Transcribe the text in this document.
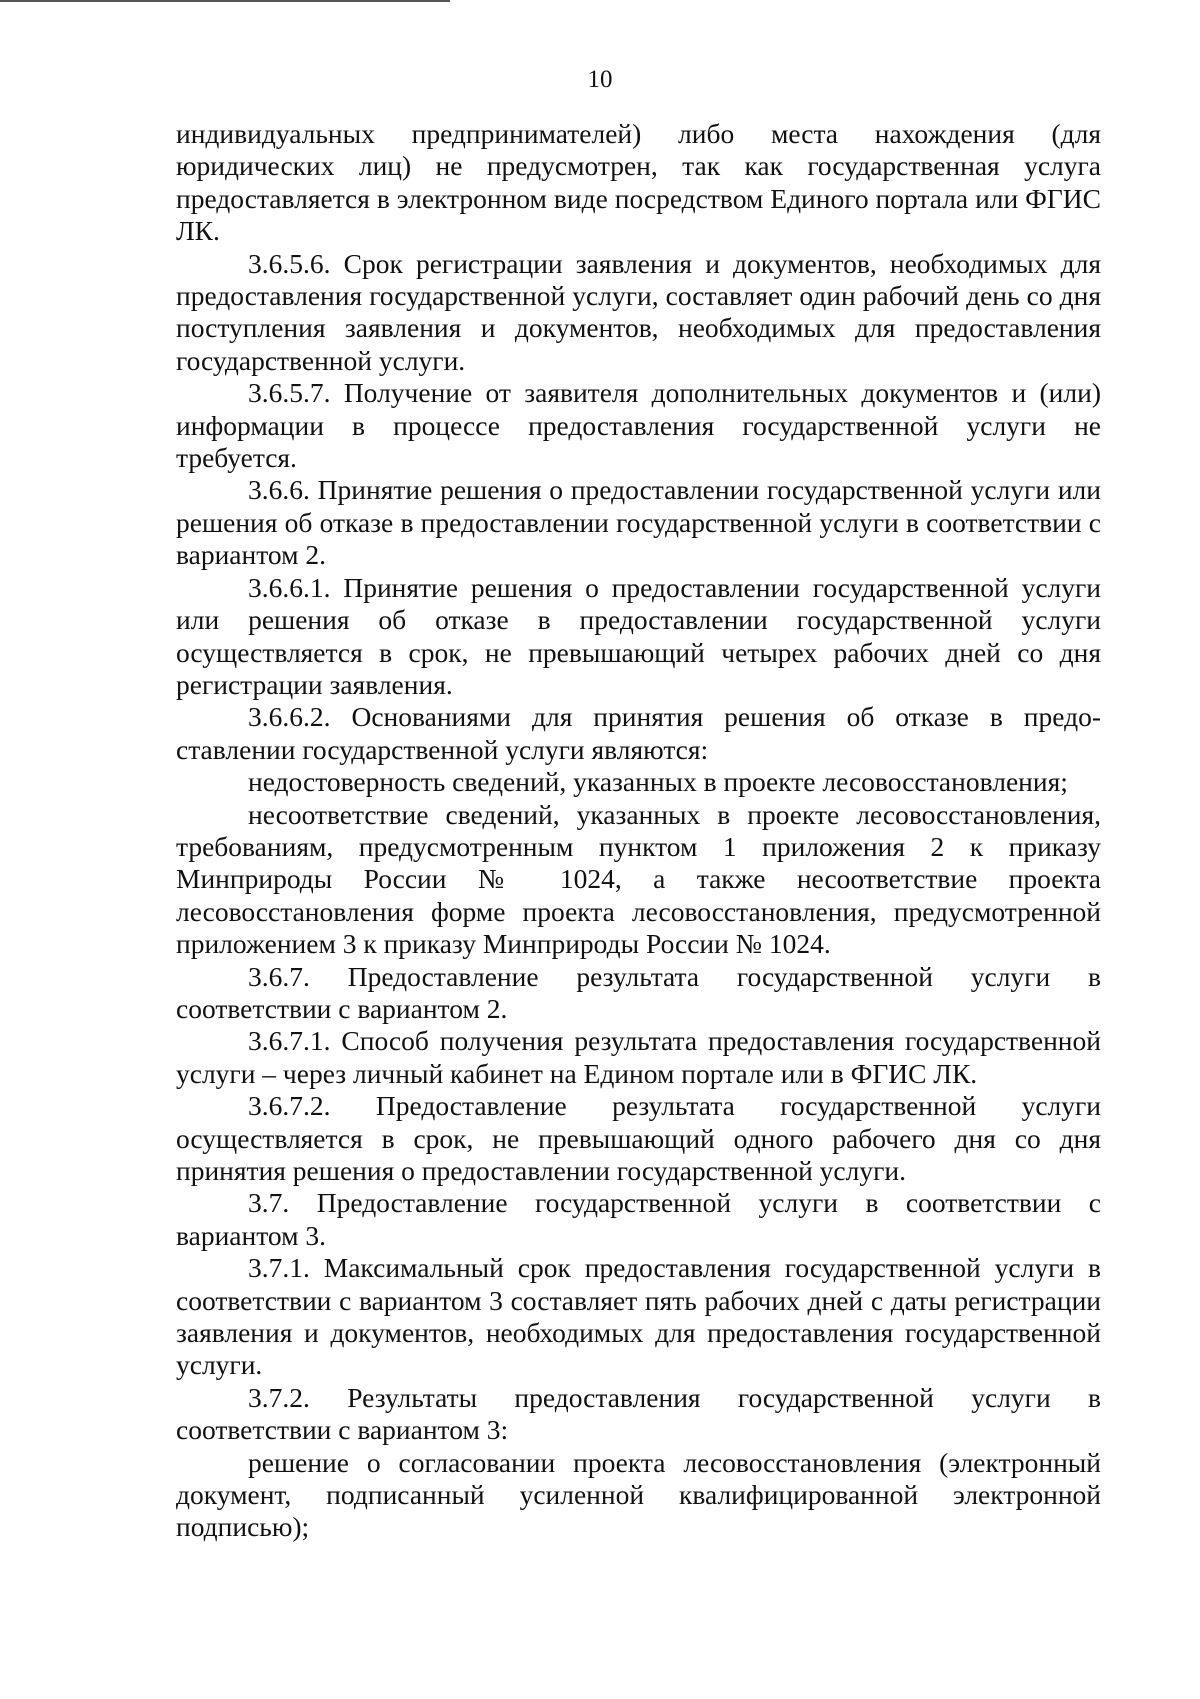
10

индивидуальных предпринимателей) либо места нахождения (для юридических лиц) не предусмотрен, так как государственная услуга предоставляется в электронном виде посредством Единого портала или ФГИС ЛК.

3.6.5.6. Срок регистрации заявления и документов, необходимых для предоставления государственной услуги, составляет один рабочий день со дня поступления заявления и документов, необходимых для предоставления государственной услуги.

3.6.5.7. Получение от заявителя дополнительных документов и (или) информации в процессе предоставления государственной услуги не требуется.

3.6.6. Принятие решения о предоставлении государственной услуги или решения об отказе в предоставлении государственной услуги в соответствии с вариантом 2.

3.6.6.1. Принятие решения о предоставлении государственной услуги или решения об отказе в предоставлении государственной услуги осуществляется в срок, не превышающий четырех рабочих дней со дня регистрации заявления.

3.6.6.2. Основаниями для принятия решения об отказе в предо-ставлении государственной услуги являются:

недостоверность сведений, указанных в проекте лесовосстановления;

несоответствие сведений, указанных в проекте лесовосстановления, требованиям, предусмотренным пунктом 1 приложения 2 к приказу Минприроды России № 1024, а также несоответствие проекта лесовосстановления форме проекта лесовосстановления, предусмотренной приложением 3 к приказу Минприроды России № 1024.

3.6.7. Предоставление результата государственной услуги в соответствии с вариантом 2.

3.6.7.1. Способ получения результата предоставления государственной услуги – через личный кабинет на Едином портале или в ФГИС ЛК.

3.6.7.2. Предоставление результата государственной услуги осуществляется в срок, не превышающий одного рабочего дня со дня принятия решения о предоставлении государственной услуги.

3.7. Предоставление государственной услуги в соответствии с вариантом 3.

3.7.1. Максимальный срок предоставления государственной услуги в соответствии с вариантом 3 составляет пять рабочих дней с даты регистрации заявления и документов, необходимых для предоставления государственной услуги.

3.7.2. Результаты предоставления государственной услуги в соответствии с вариантом 3:

решение о согласовании проекта лесовосстановления (электронный документ, подписанный усиленной квалифицированной электронной подписью);
